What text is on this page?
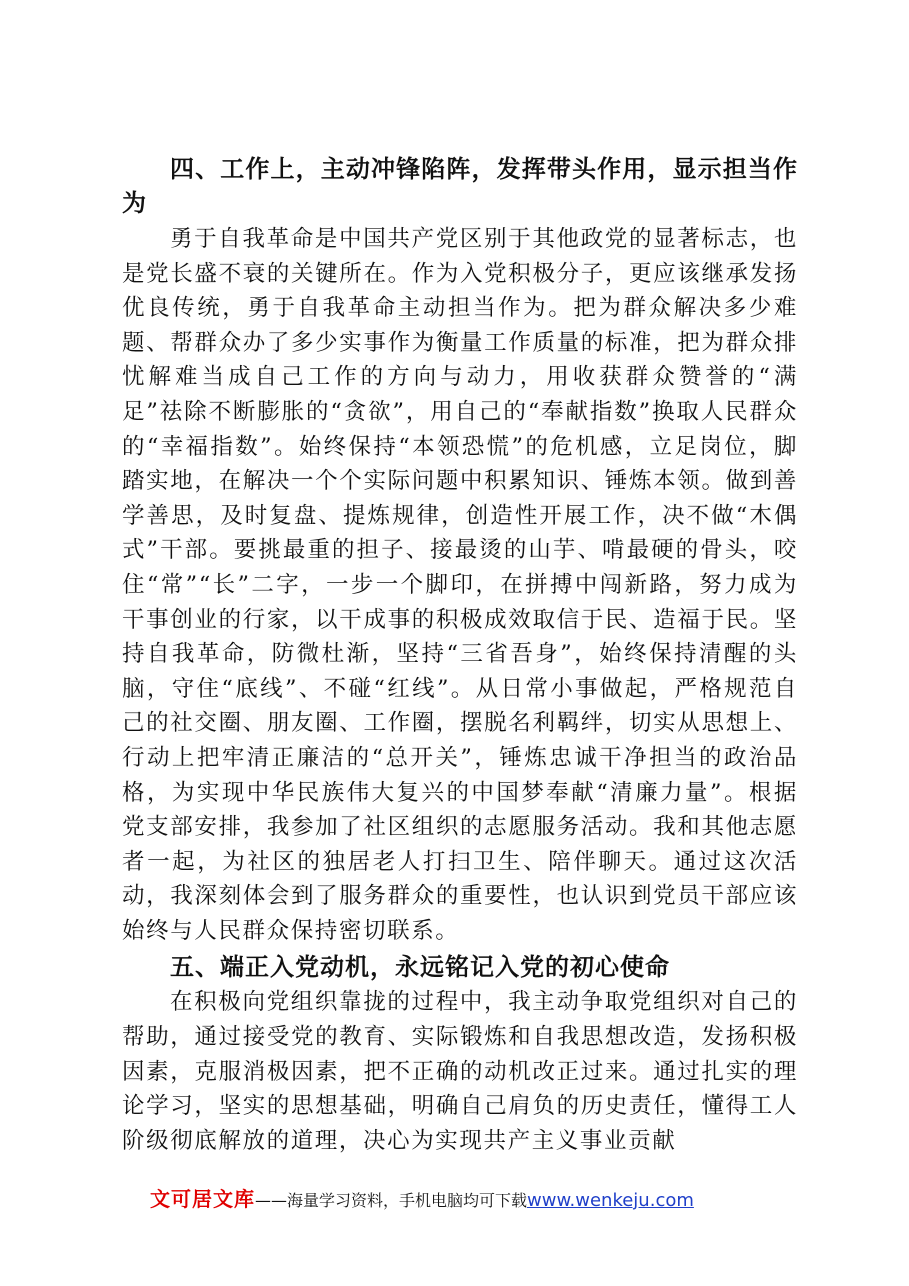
四、工作上，主动冲锋陷阵，发挥带头作用，显示担当作为

勇于自我革命是中国共产党区别于其他政党的显著标志，也是党长盛不衰的关键所在。作为入党积极分子，更应该继承发扬优良传统，勇于自我革命主动担当作为。把为群众解决多少难题、帮群众办了多少实事作为衡量工作质量的标准，把为群众排忧解难当成自己工作的方向与动力，用收获群众赞誉的“满足”祛除不断膨胀的“贪欲”，用自己的“奉献指数”换取人民群众的“幸福指数”。始终保持“本领恐慌”的危机感，立足岗位，脚踏实地，在解决一个个实际问题中积累知识、锤炼本领。做到善学善思，及时复盘、提炼规律，创造性开展工作，决不做“木偶式”干部。要挑最重的担子、接最烫的山芋、啃最硬的骨头，咬住“常”“长”二字，一步一个脚印，在拼搏中闯新路，努力成为干事创业的行家，以干成事的积极成效取信于民、造福于民。坚持自我革命，防微杜渐，坚持“三省吾身”，始终保持清醒的头脑，守住“底线”、不碰“红线”。从日常小事做起，严格规范自己的社交圈、朋友圈、工作圈，摆脱名利羁绊，切实从思想上、行动上把牢清正廉洁的“总开关”，锤炼忠诚干净担当的政治品格，为实现中华民族伟大复兴的中国梦奉献“清廉力量”。根据党支部安排，我参加了社区组织的志愿服务活动。我和其他志愿者一起，为社区的独居老人打扫卫生、陪伴聊天。通过这次活动，我深刻体会到了服务群众的重要性，也认识到党员干部应该始终与人民群众保持密切联系。

五、端正入党动机，永远铭记入党的初心使命

在积极向党组织靠拢的过程中，我主动争取党组织对自己的帮助，通过接受党的教育、实际锻炼和自我思想改造，发扬积极因素，克服消极因素，把不正确的动机改正过来。通过扎实的理论学习，坚实的思想基础，明确自己肩负的历史责任，懂得工人阶级彻底解放的道理，决心为实现共产主义事业贡献

文可居文库——海量学习资料，手机电脑均可下载www.wenkeju.com
